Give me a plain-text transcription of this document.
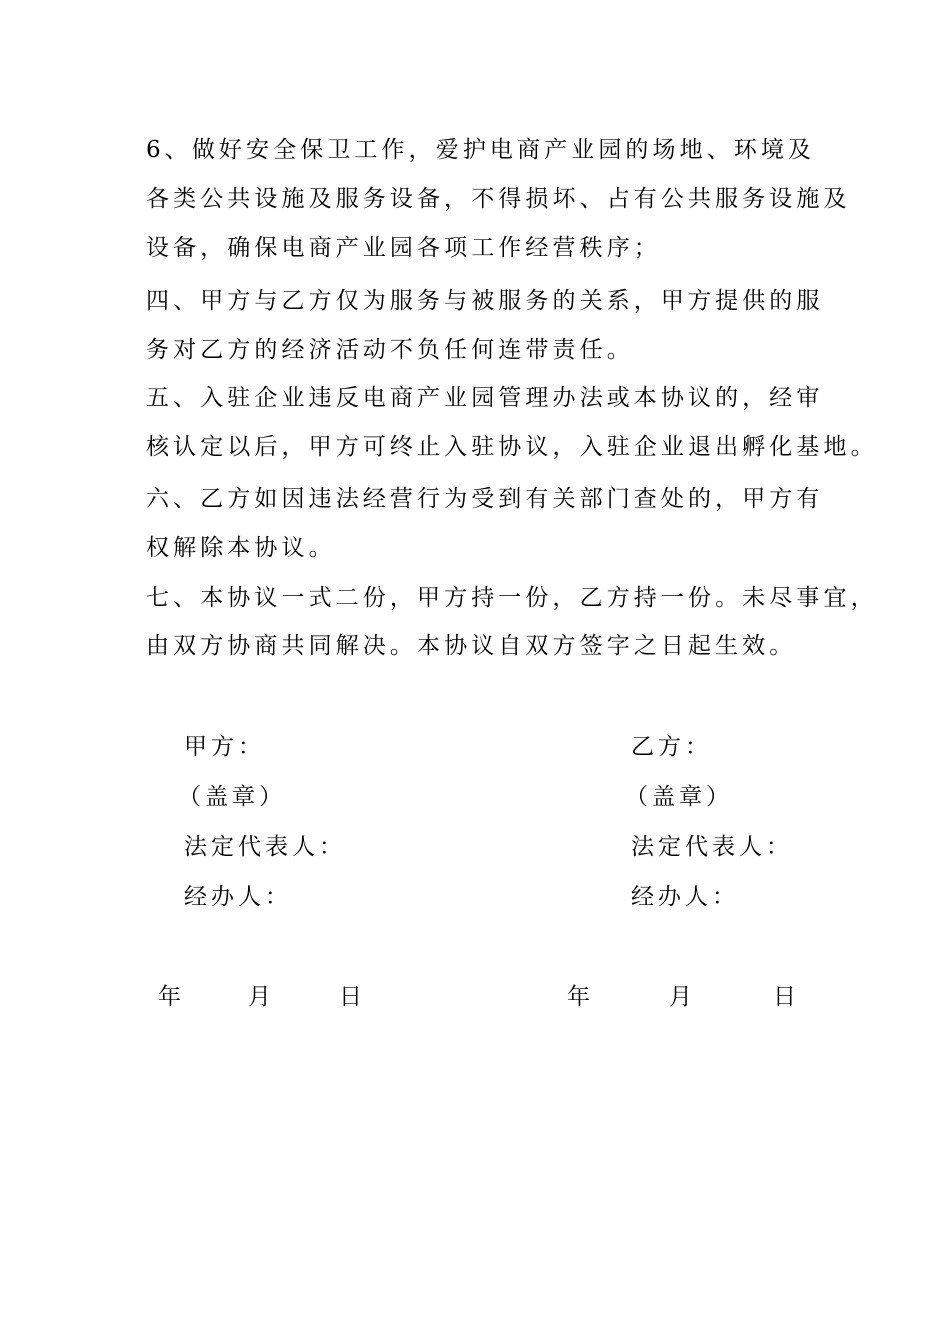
6、做好安全保卫工作，爱护电商产业园的场地、环境及
各类公共设施及服务设备，不得损坏、占有公共服务设施及
设备，确保电商产业园各项工作经营秩序；
四、甲方与乙方仅为服务与被服务的关系，甲方提供的服
务对乙方的经济活动不负任何连带责任。
五、入驻企业违反电商产业园管理办法或本协议的，经审
核认定以后，甲方可终止入驻协议，入驻企业退出孵化基地。
六、乙方如因违法经营行为受到有关部门查处的，甲方有
权解除本协议。
七、本协议一式二份，甲方持一份，乙方持一份。未尽事宜，
由双方协商共同解决。本协议自双方签字之日起生效。
甲方：
（盖章）
法定代表人：
经办人：
年	月	日
乙方：
（盖章）
法定代表人：
经办人：
年	月	日
